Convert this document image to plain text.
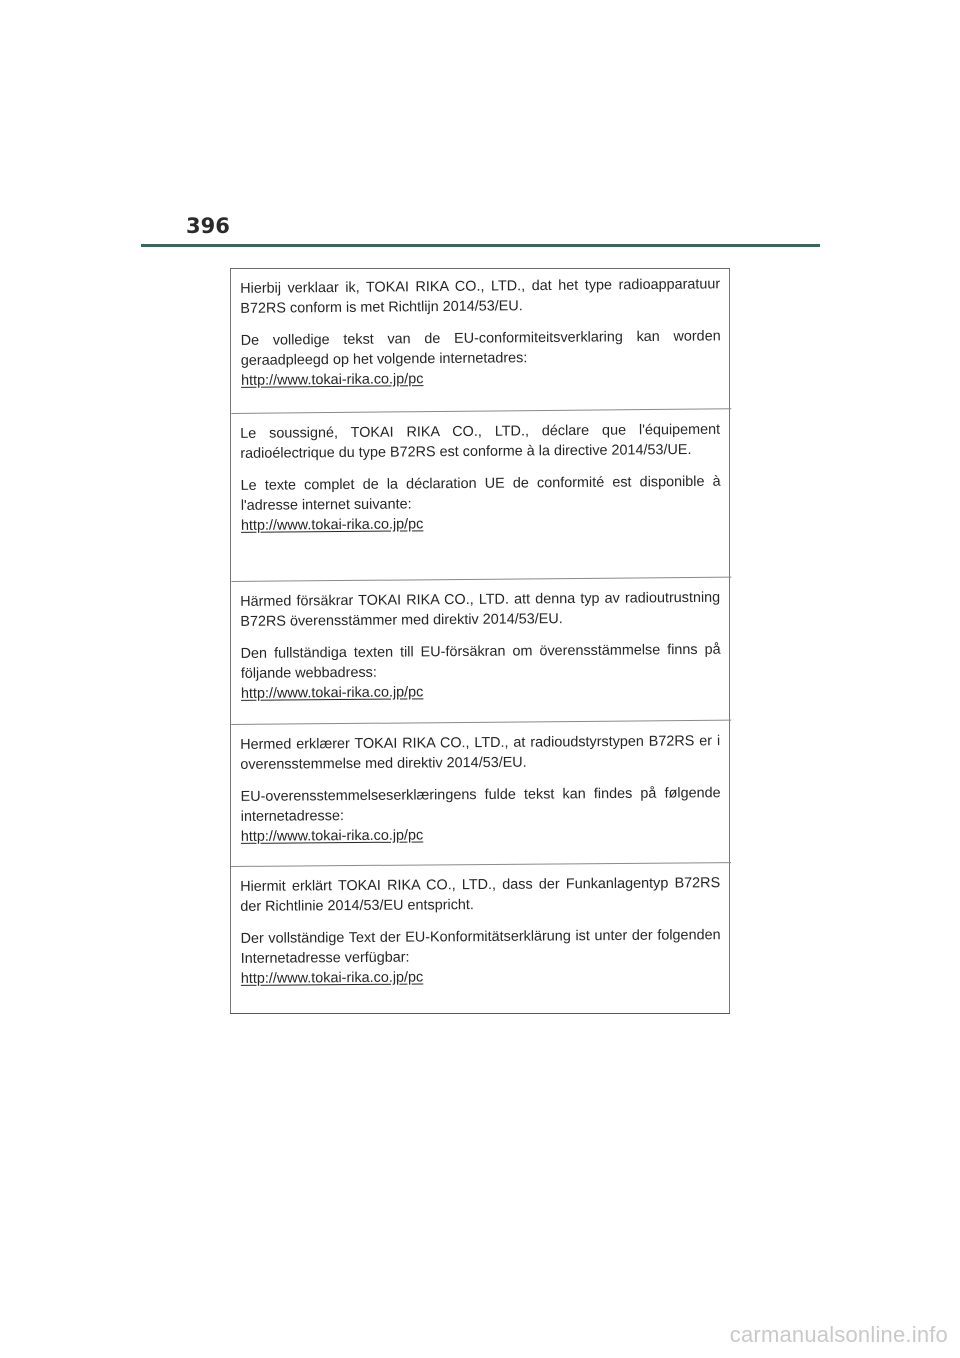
396

Hierbij verklaar ik, TOKAI RIKA CO., LTD., dat het type radioapparatuur B72RS conform is met Richtlijn 2014/53/EU.

De volledige tekst van de EU-conformiteitsverklaring kan worden geraadpleegd op het volgende internetadres:

http://www.tokai-rika.co.jp/pc

Le soussigné, TOKAI RIKA CO., LTD., déclare que l'équipement radioélectrique du type B72RS est conforme à la directive 2014/53/UE.

Le texte complet de la déclaration UE de conformité est disponible à l'adresse internet suivante:

http://www.tokai-rika.co.jp/pc

Härmed försäkrar TOKAI RIKA CO., LTD. att denna typ av radioutrustning B72RS överensstämmer med direktiv 2014/53/EU.

Den fullständiga texten till EU-försäkran om överensstämmelse finns på följande webbadress:

http://www.tokai-rika.co.jp/pc

Hermed erklærer TOKAI RIKA CO., LTD., at radioudstyrstypen B72RS er i overensstemmelse med direktiv 2014/53/EU.

EU-overensstemmelseserklæringens fulde tekst kan findes på følgende internetadresse:

http://www.tokai-rika.co.jp/pc

Hiermit erklärt TOKAI RIKA CO., LTD., dass der Funkanlagentyp B72RS der Richtlinie 2014/53/EU entspricht.

Der vollständige Text der EU-Konformitätserklärung ist unter der folgenden Internetadresse verfügbar:

http://www.tokai-rika.co.jp/pc
carmanualsonline.info
